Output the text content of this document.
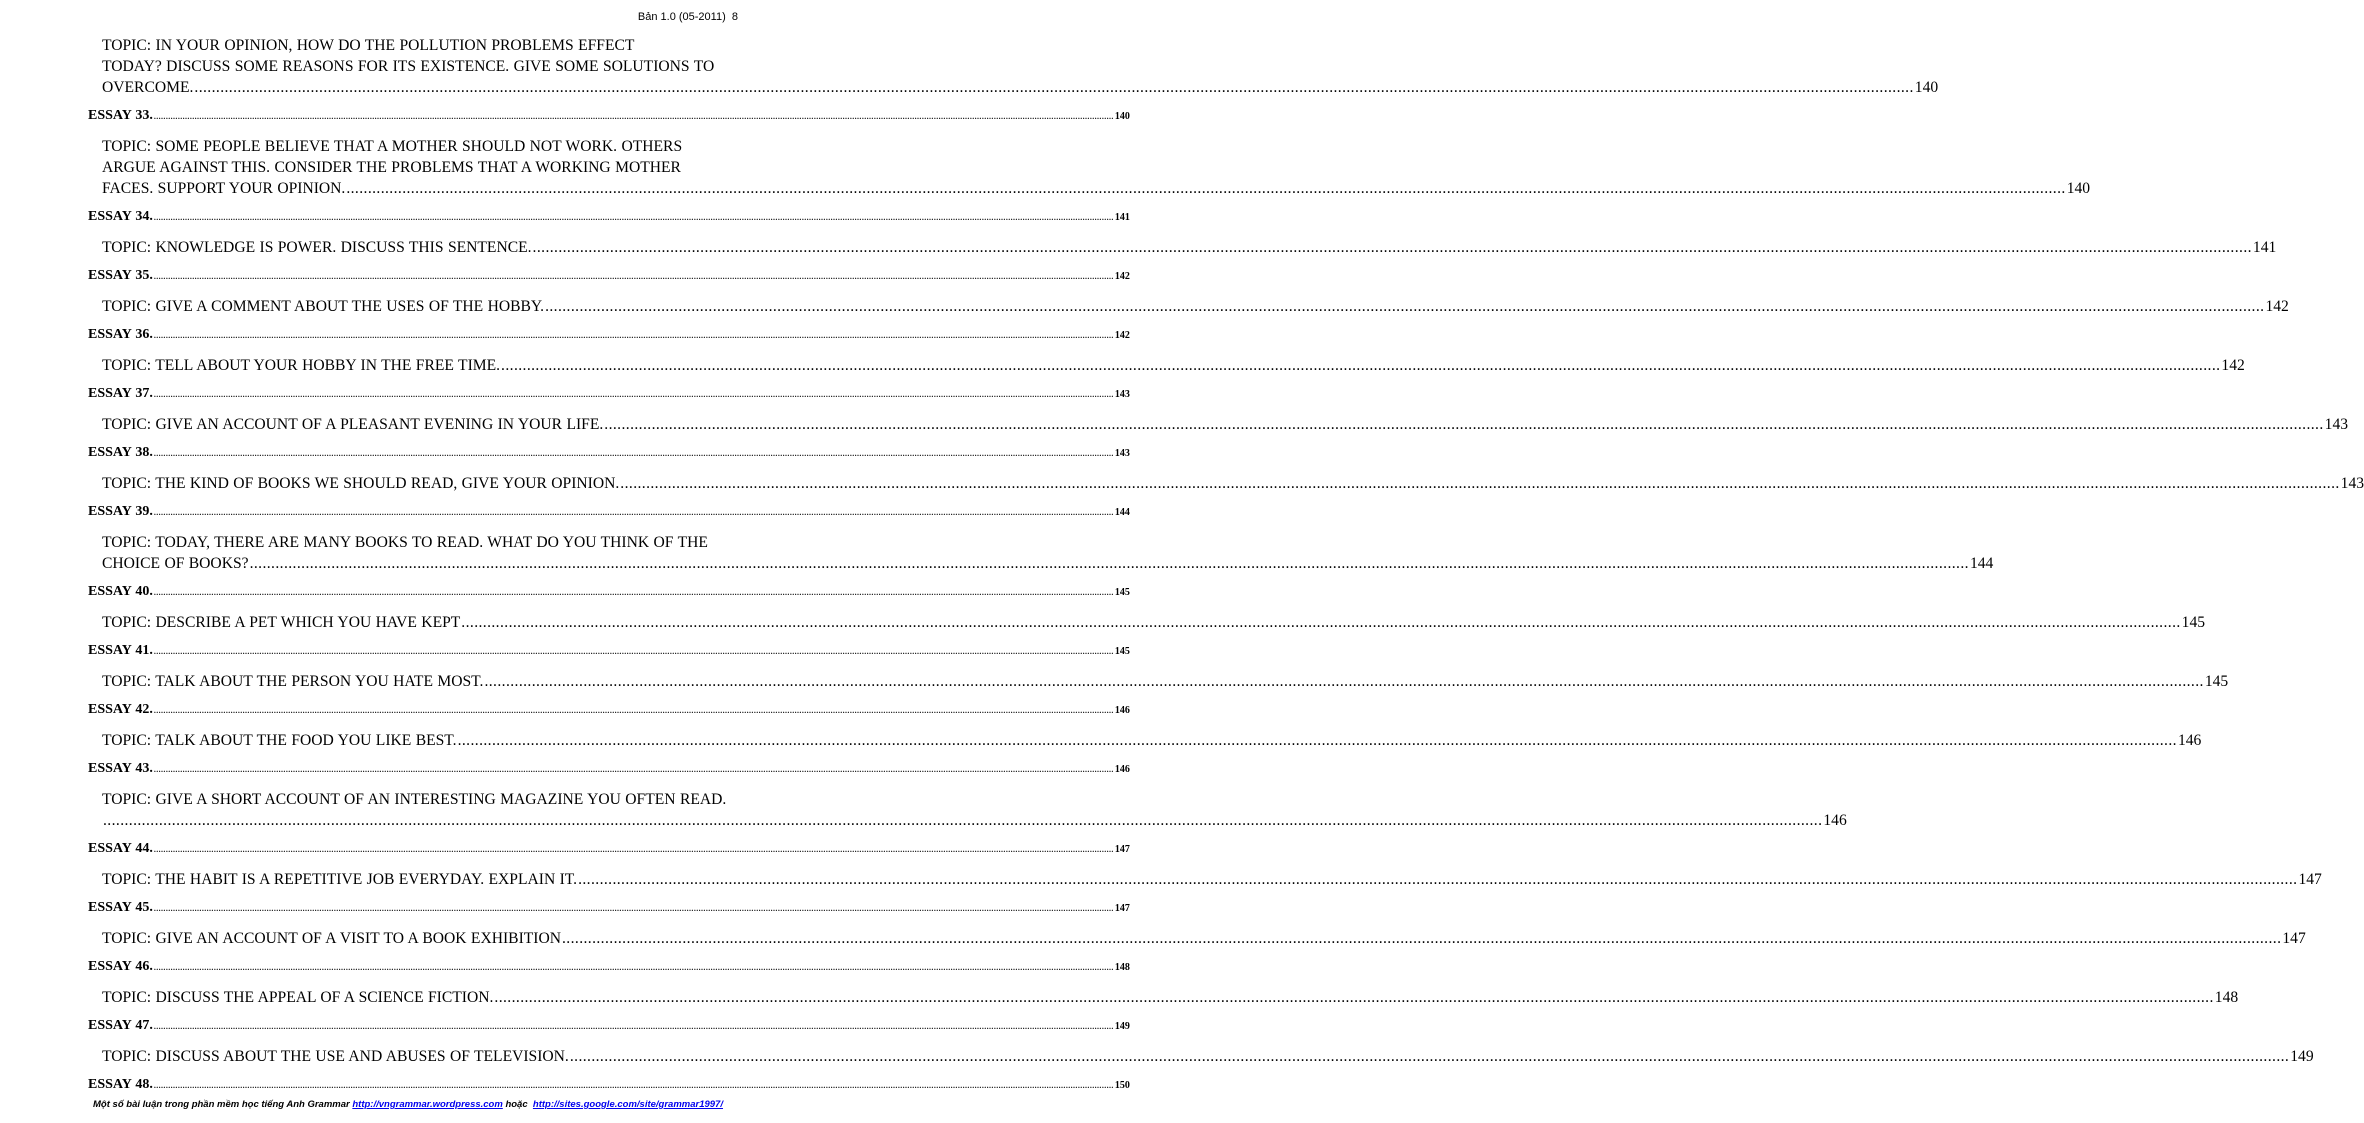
Bản 1.0 (05-2011) 8
TOPIC: IN YOUR OPINION, HOW DO THE POLLUTION PROBLEMS EFFECT
TODAY? DISCUSS SOME REASONS FOR ITS EXISTENCE. GIVE SOME SOLUTIONS TO
OVERCOME. ................................................................................................................................................................................................................................................................................................................................................................................................................ 140
ESSAY 33. ................................................................................................................................................................................................................................................................................................................................................................................................................ 140
TOPIC: SOME PEOPLE BELIEVE THAT A MOTHER SHOULD NOT WORK. OTHERS
ARGUE AGAINST THIS. CONSIDER THE PROBLEMS THAT A WORKING MOTHER
FACES. SUPPORT YOUR OPINION. ................................................................................................................................................................................................................................................................................................................................................................................................................ 140
ESSAY 34. ................................................................................................................................................................................................................................................................................................................................................................................................................ 141
TOPIC: KNOWLEDGE IS POWER. DISCUSS THIS SENTENCE. ................................................................................................................................................................................................................................................................................................................................................................................................................ 141
ESSAY 35. ................................................................................................................................................................................................................................................................................................................................................................................................................ 142
TOPIC: GIVE A COMMENT ABOUT THE USES OF THE HOBBY. ................................................................................................................................................................................................................................................................................................................................................................................................................ 142
ESSAY 36. ................................................................................................................................................................................................................................................................................................................................................................................................................ 142
TOPIC: TELL ABOUT YOUR HOBBY IN THE FREE TIME. ................................................................................................................................................................................................................................................................................................................................................................................................................ 142
ESSAY 37. ................................................................................................................................................................................................................................................................................................................................................................................................................ 143
TOPIC: GIVE AN ACCOUNT OF A PLEASANT EVENING IN YOUR LIFE. ................................................................................................................................................................................................................................................................................................................................................................................................................ 143
ESSAY 38. ................................................................................................................................................................................................................................................................................................................................................................................................................ 143
TOPIC: THE KIND OF BOOKS WE SHOULD READ, GIVE YOUR OPINION. ................................................................................................................................................................................................................................................................................................................................................................................................................ 143
ESSAY 39. ................................................................................................................................................................................................................................................................................................................................................................................................................ 144
TOPIC: TODAY, THERE ARE MANY BOOKS TO READ. WHAT DO YOU THINK OF THE
CHOICE OF BOOKS? ................................................................................................................................................................................................................................................................................................................................................................................................................ 144
ESSAY 40. ................................................................................................................................................................................................................................................................................................................................................................................................................ 145
TOPIC: DESCRIBE A PET WHICH YOU HAVE KEPT ................................................................................................................................................................................................................................................................................................................................................................................................................ 145
ESSAY 41. ................................................................................................................................................................................................................................................................................................................................................................................................................ 145
TOPIC: TALK ABOUT THE PERSON YOU HATE MOST. ................................................................................................................................................................................................................................................................................................................................................................................................................ 145
ESSAY 42. ................................................................................................................................................................................................................................................................................................................................................................................................................ 146
TOPIC: TALK ABOUT THE FOOD YOU LIKE BEST. ................................................................................................................................................................................................................................................................................................................................................................................................................ 146
ESSAY 43. ................................................................................................................................................................................................................................................................................................................................................................................................................ 146
TOPIC: GIVE A SHORT ACCOUNT OF AN INTERESTING MAGAZINE YOU OFTEN READ.
................................................................................................................................................................................................................................................................................................................................................................................................................ 146
ESSAY 44. ................................................................................................................................................................................................................................................................................................................................................................................................................ 147
TOPIC: THE HABIT IS A REPETITIVE JOB EVERYDAY. EXPLAIN IT. ................................................................................................................................................................................................................................................................................................................................................................................................................ 147
ESSAY 45. ................................................................................................................................................................................................................................................................................................................................................................................................................ 147
TOPIC: GIVE AN ACCOUNT OF A VISIT TO A BOOK EXHIBITION ................................................................................................................................................................................................................................................................................................................................................................................................................ 147
ESSAY 46. ................................................................................................................................................................................................................................................................................................................................................................................................................ 148
TOPIC: DISCUSS THE APPEAL OF A SCIENCE FICTION. ................................................................................................................................................................................................................................................................................................................................................................................................................ 148
ESSAY 47. ................................................................................................................................................................................................................................................................................................................................................................................................................ 149
TOPIC: DISCUSS ABOUT THE USE AND ABUSES OF TELEVISION. ................................................................................................................................................................................................................................................................................................................................................................................................................ 149
ESSAY 48. ................................................................................................................................................................................................................................................................................................................................................................................................................ 150
Một số bài luận trong phần mềm học tiếng Anh Grammar http://vngrammar.wordpress.com hoặc http://sites.google.com/site/grammar1997/
